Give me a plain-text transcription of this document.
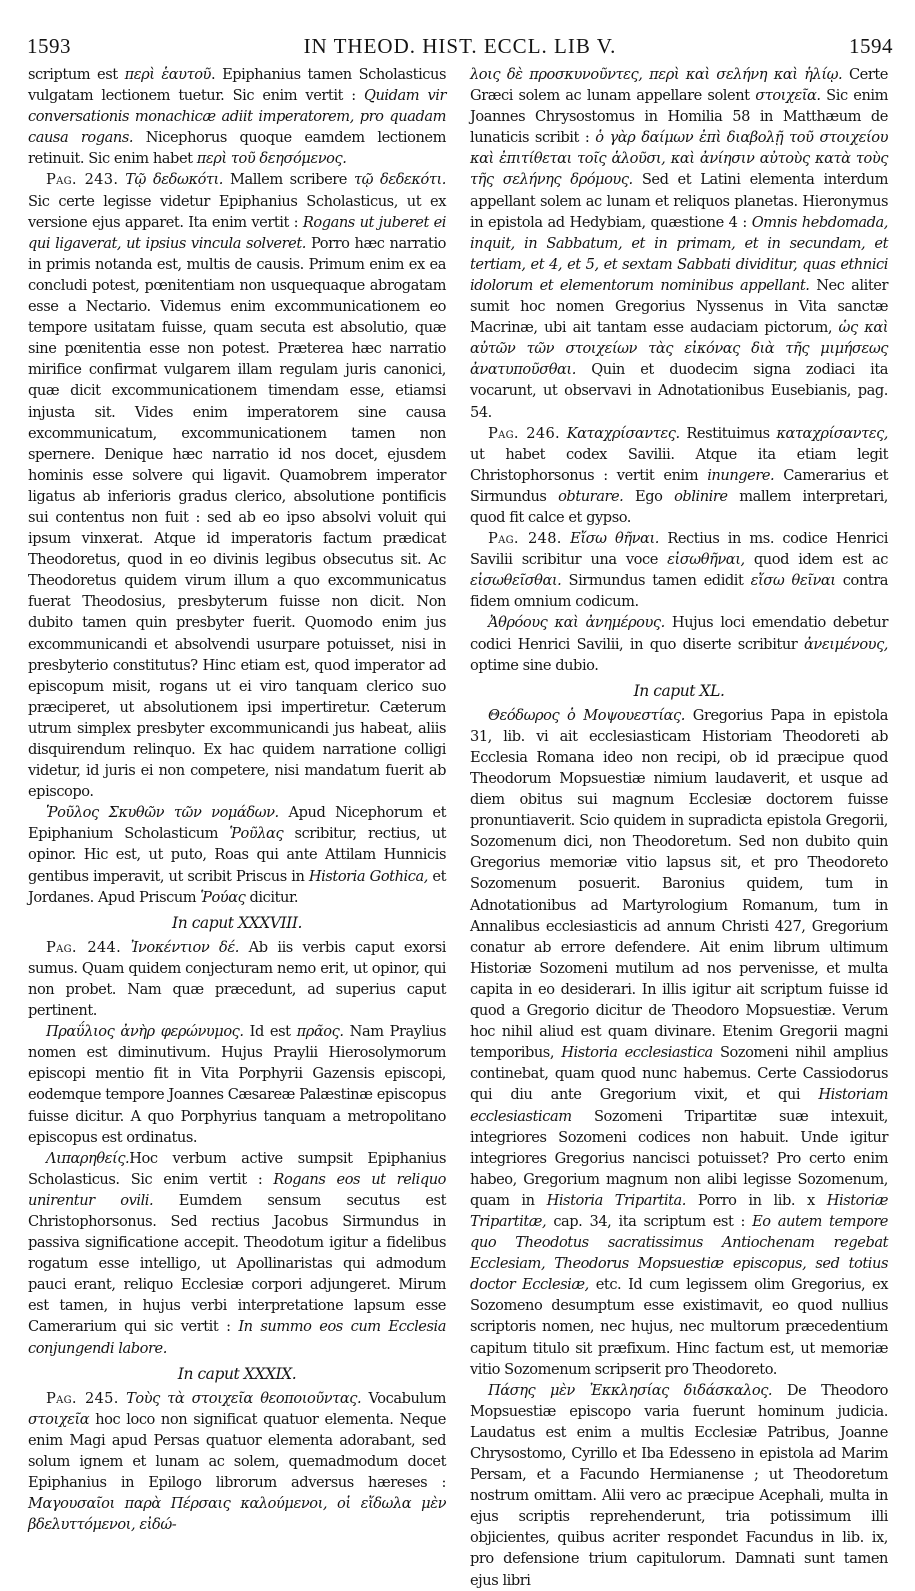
1593	IN THEOD. HIST. ECCL. LIB V.	1594

scriptum est περὶ ἑαυτοῦ. Epiphanius tamen Scholasticus vulgatam lectionem tuetur. Sic enim vertit : Quidam vir conversationis monachicæ adiit imperatorem, pro quadam causa rogans. Nicephorus quoque eamdem lectionem retinuit. Sic enim habet περὶ τοῦ δεησόμενος.

Pag. 243. Τῷ δεδωκότι. Mallem scribere τῷ δεδεκότι. Sic certe legisse videtur Epiphanius Scholasticus, ut ex versione ejus apparet. Ita enim vertit : Rogans ut juberet ei qui ligaverat, ut ipsius vincula solveret. Porro hæc narratio in primis notanda est, multis de causis. Primum enim ex ea concludi potest, pœnitentiam non usquequaque abrogatam esse a Nectario. Videmus enim excommunicationem eo tempore usitatam fuisse, quam secuta est absolutio, quæ sine pœnitentia esse non potest. Præterea hæc narratio mirifice confirmat vulgarem illam regulam juris canonici, quæ dicit excommunicationem timendam esse, etiamsi injusta sit. Vides enim imperatorem sine causa excommunicatum, excommunicationem tamen non spernere. Denique hæc narratio id nos docet, ejusdem hominis esse solvere qui ligavit. Quamobrem imperator ligatus ab inferioris gradus clerico, absolutione pontificis sui contentus non fuit : sed ab eo ipso absolvi voluit qui ipsum vinxerat. Atque id imperatoris factum prædicat Theodoretus, quod in eo divinis legibus obsecutus sit. Ac Theodoretus quidem virum illum a quo excommunicatus fuerat Theodosius, presbyterum fuisse non dicit. Non dubito tamen quin presbyter fuerit. Quomodo enim jus excommunicandi et absolvendi usurpare potuisset, nisi in presbyterio constitutus? Hinc etiam est, quod imperator ad episcopum misit, rogans ut ei viro tanquam clerico suo præciperet, ut absolutionem ipsi impertiretur. Cæterum utrum simplex presbyter excommunicandi jus habeat, aliis disquirendum relinquo. Ex hac quidem narratione colligi videtur, id juris ei non competere, nisi mandatum fuerit ab episcopo.

Ῥοῦλος Σκυθῶν τῶν νομάδων. Apud Nicephorum et Epiphanium Scholasticum Ῥοῦλας scribitur, rectius, ut opinor. Hic est, ut puto, Roas qui ante Attilam Hunnicis gentibus imperavit, ut scribit Priscus in Historia Gothica, et Jordanes. Apud Priscum Ῥούας dicitur.

In caput XXXVIII.

Pag. 244. Ἰνοκέντιον δέ. Ab iis verbis caput exorsi sumus. Quam quidem conjecturam nemo erit, ut opinor, qui non probet. Nam quæ præcedunt, ad superius caput pertinent.

Πραΰλιος ἀνὴρ φερώνυμος. Id est πρᾶος. Nam Praylius nomen est diminutivum. Hujus Praylii Hierosolymorum episcopi mentio fit in Vita Porphyrii Gazensis episcopi, eodemque tempore Joannes Cæsareæ Palæstinæ episcopus fuisse dicitur. A quo Porphyrius tanquam a metropolitano episcopus est ordinatus.

Λιπαρηθείς.Hoc verbum active sumpsit Epiphanius Scholasticus. Sic enim vertit : Rogans eos ut reliquo unirentur ovili. Eumdem sensum secutus est Christophorsonus. Sed rectius Jacobus Sirmundus in passiva significatione accepit. Theodotum igitur a fidelibus rogatum esse intelligo, ut Apollinaristas qui admodum pauci erant, reliquo Ecclesiæ corpori adjungeret. Mirum est tamen, in hujus verbi interpretatione lapsum esse Camerarium qui sic vertit : In summo eos cum Ecclesia conjungendi labore.

In caput XXXIX.

Pag. 245. Τοὺς τὰ στοιχεῖα θεοποιοῦντας. Vocabulum στοιχεῖα hoc loco non significat quatuor elementa. Neque enim Magi apud Persas quatuor elementa adorabant, sed solum ignem et lunam ac solem, quemadmodum docet Epiphanius in Epilogo librorum adversus hæreses : Μαγουσαῖοι παρὰ Πέρσαις καλούμενοι, οἱ εἴδωλα μὲν βδελυττόμενοι, εἰδώ-

λοις δὲ προσκυνοῦντες, περὶ καὶ σελήνη καὶ ἡλίῳ. Certe Græci solem ac lunam appellare solent στοιχεῖα. Sic enim Joannes Chrysostomus in Homilia 58 in Matthæum de lunaticis scribit : ὁ γὰρ δαίμων ἐπὶ διαβολῇ τοῦ στοιχείου καὶ ἐπιτίθεται τοῖς ἁλοῦσι, καὶ ἀνίησιν αὐτοὺς κατὰ τοὺς τῆς σελήνης δρόμους. Sed et Latini elementa interdum appellant solem ac lunam et reliquos planetas. Hieronymus in epistola ad Hedybiam, quæstione 4 : Omnis hebdomada, inquit, in Sabbatum, et in primam, et in secundam, et tertiam, et 4, et 5, et sextam Sabbati dividitur, quas ethnici idolorum et elementorum nominibus appellant. Nec aliter sumit hoc nomen Gregorius Nyssenus in Vita sanctæ Macrinæ, ubi ait tantam esse audaciam pictorum, ὡς καὶ αὐτῶν τῶν στοιχείων τὰς εἰκόνας διὰ τῆς μιμήσεως ἀνατυποῦσθαι. Quin et duodecim signa zodiaci ita vocarunt, ut observavi in Adnotationibus Eusebianis, pag. 54.

Pag. 246. Καταχρίσαντες. Restituimus καταχρίσαντες, ut habet codex Savilii. Atque ita etiam legit Christophorsonus : vertit enim inungere. Camerarius et Sirmundus obturare. Ego oblinire mallem interpretari, quod fit calce et gypso.

Pag. 248. Εἴσω θῆναι. Rectius in ms. codice Henrici Savilii scribitur una voce εἰσωθῆναι, quod idem est ac εἰσωθεῖσθαι. Sirmundus tamen edidit εἴσω θεῖναι contra fidem omnium codicum.

Ἀθρόους καὶ ἀνημέρους. Hujus loci emendatio debetur codici Henrici Savilii, in quo diserte scribitur ἀνειμένους, optime sine dubio.

In caput XL.

Θεόδωρος ὁ Μοψουεστίας. Gregorius Papa in epistola 31, lib. vi ait ecclesiasticam Historiam Theodoreti ab Ecclesia Romana ideo non recipi, ob id præcipue quod Theodorum Mopsuestiæ nimium laudaverit, et usque ad diem obitus sui magnum Ecclesiæ doctorem fuisse pronuntiaverit. Scio quidem in supradicta epistola Gregorii, Sozomenum dici, non Theodoretum. Sed non dubito quin Gregorius memoriæ vitio lapsus sit, et pro Theodoreto Sozomenum posuerit. Baronius quidem, tum in Adnotationibus ad Martyrologium Romanum, tum in Annalibus ecclesiasticis ad annum Christi 427, Gregorium conatur ab errore defendere. Ait enim librum ultimum Historiæ Sozomeni mutilum ad nos pervenisse, et multa capita in eo desiderari. In illis igitur ait scriptum fuisse id quod a Gregorio dicitur de Theodoro Mopsuestiæ. Verum hoc nihil aliud est quam divinare. Etenim Gregorii magni temporibus, Historia ecclesiastica Sozomeni nihil amplius continebat, quam quod nunc habemus. Certe Cassiodorus qui diu ante Gregorium vixit, et qui Historiam ecclesiasticam Sozomeni Tripartitæ suæ intexuit, integriores Sozomeni codices non habuit. Unde igitur integriores Gregorius nancisci potuisset? Pro certo enim habeo, Gregorium magnum non alibi legisse Sozomenum, quam in Historia Tripartita. Porro in lib. x Historiæ Tripartitæ, cap. 34, ita scriptum est : Eo autem tempore quo Theodotus sacratissimus Antiochenam regebat Ecclesiam, Theodorus Mopsuestiæ episcopus, sed totius doctor Ecclesiæ, etc. Id cum legissem olim Gregorius, ex Sozomeno desumptum esse existimavit, eo quod nullius scriptoris nomen, nec hujus, nec multorum præcedentium capitum titulo sit præfixum. Hinc factum est, ut memoriæ vitio Sozomenum scripserit pro Theodoreto.

Πάσης μὲν Ἐκκλησίας διδάσκαλος. De Theodoro Mopsuestiæ episcopo varia fuerunt hominum judicia. Laudatus est enim a multis Ecclesiæ Patribus, Joanne Chrysostomo, Cyrillo et Iba Edesseno in epistola ad Marim Persam, et a Facundo Hermianense ; ut Theodoretum nostrum omittam. Alii vero ac præcipue Acephali, multa in ejus scriptis reprehenderunt, tria potissimum illi objicientes, quibus acriter respondet Facundus in lib. ix, pro defensione trium capitulorum. Damnati sunt tamen ejus libri
